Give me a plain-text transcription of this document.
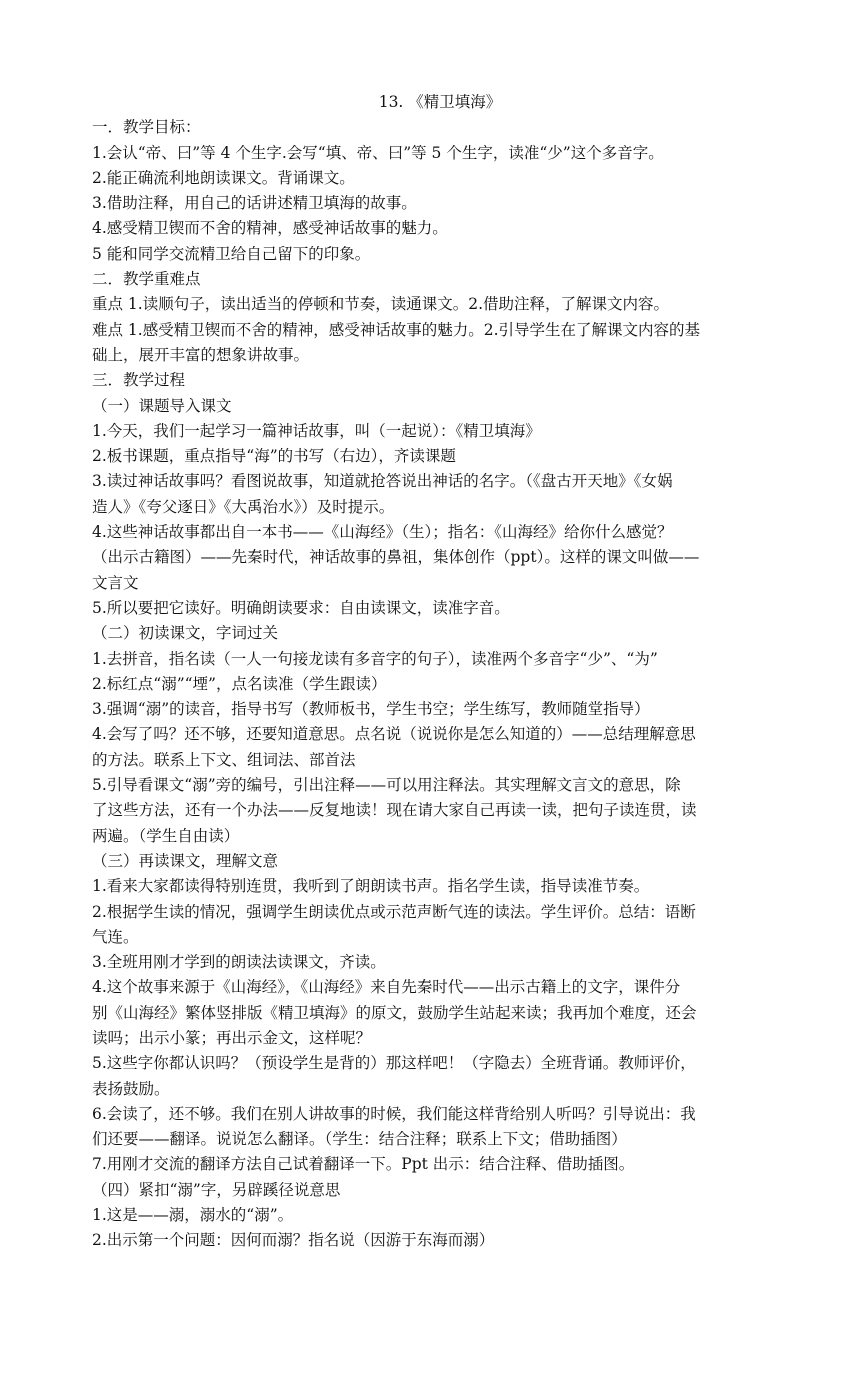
13. 《精卫填海》

一．教学目标：

1.会认“帝、曰”等 4 个生字.会写“填、帝、曰”等 5 个生字，读准“少”这个多音字。

2.能正确流利地朗读课文。背诵课文。

3.借助注释，用自己的话讲述精卫填海的故事。

4.感受精卫锲而不舍的精神，感受神话故事的魅力。

5 能和同学交流精卫给自己留下的印象。

二．教学重难点

重点 1.读顺句子，读出适当的停顿和节奏，读通课文。2.借助注释，了解课文内容。

难点 1.感受精卫锲而不舍的精神，感受神话故事的魅力。2.引导学生在了解课文内容的基

础上，展开丰富的想象讲故事。

三．教学过程

（一）课题导入课文

1.今天，我们一起学习一篇神话故事，叫（一起说）：《精卫填海》

2.板书课题，重点指导“海”的书写（右边），齐读课题

3.读过神话故事吗？看图说故事，知道就抢答说出神话的名字。（《盘古开天地》《女娲

造人》《夸父逐日》《大禹治水》）及时提示。

4.这些神话故事都出自一本书——《山海经》（生）；指名：《山海经》给你什么感觉？

（出示古籍图）——先秦时代，神话故事的鼻祖，集体创作（ppt）。这样的课文叫做——

文言文

5.所以要把它读好。明确朗读要求：自由读课文，读准字音。

（二）初读课文，字词过关

1.去拼音，指名读（一人一句接龙读有多音字的句子），读准两个多音字“少”、“为”

2.标红点“溺”“堙”，点名读准（学生跟读）

3.强调“溺”的读音，指导书写（教师板书，学生书空；学生练写，教师随堂指导）

4.会写了吗？还不够，还要知道意思。点名说（说说你是怎么知道的）——总结理解意思

的方法。联系上下文、组词法、部首法

5.引导看课文“溺”旁的编号，引出注释——可以用注释法。其实理解文言文的意思，除

了这些方法，还有一个办法——反复地读！现在请大家自己再读一读，把句子读连贯，读

两遍。（学生自由读）

（三）再读课文，理解文意

1.看来大家都读得特别连贯，我听到了朗朗读书声。指名学生读，指导读准节奏。

2.根据学生读的情况，强调学生朗读优点或示范声断气连的读法。学生评价。总结：语断

气连。

3.全班用刚才学到的朗读法读课文，齐读。

4.这个故事来源于《山海经》，《山海经》来自先秦时代——出示古籍上的文字，课件分

别《山海经》繁体竖排版《精卫填海》的原文，鼓励学生站起来读；我再加个难度，还会

读吗；出示小篆；再出示金文，这样呢？

5.这些字你都认识吗？（预设学生是背的）那这样吧！（字隐去）全班背诵。教师评价，

表扬鼓励。

6.会读了，还不够。我们在别人讲故事的时候，我们能这样背给别人听吗？引导说出：我

们还要——翻译。说说怎么翻译。（学生：结合注释；联系上下文；借助插图）

7.用刚才交流的翻译方法自己试着翻译一下。Ppt 出示：结合注释、借助插图。

（四）紧扣“溺”字，另辟蹊径说意思

1.这是——溺，溺水的“溺”。

2.出示第一个问题：因何而溺？指名说（因游于东海而溺）
